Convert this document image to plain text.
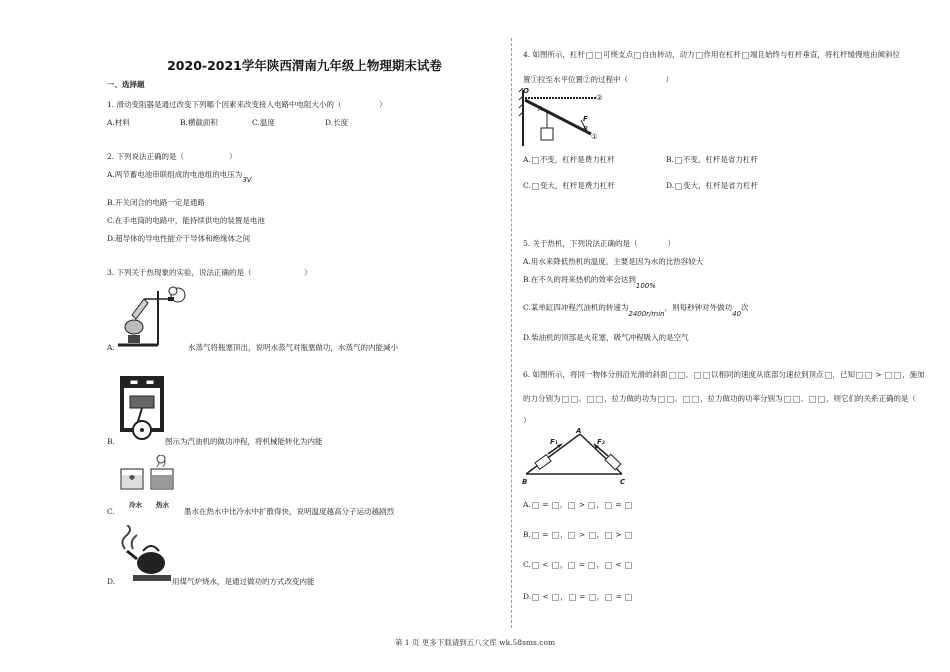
2020-2021学年陕西渭南九年级上物理期末试卷
一、选择题
1. 滑动变阻器是通过改变下列哪个因素来改变接入电路中电阻大小的（　　　　　）
A.材料	B.横截面积	C.温度	D.长度
2. 下列说法正确的是（　　　　　　）
A.两节蓄电池串联组成的电池组的电压为3V
B.开关闭合的电路一定是通路
C.在手电筒的电路中，能持续供电的装置是电池
D.超导体的导电性能介于导体和绝缘体之间
3. 下列关于热现象的实验，说法正确的是（　　　　　　　）
A.	水蒸气将瓶塞顶出，说明水蒸气对瓶塞做功，水蒸气的内能减小
B.	图示为汽油机的做功冲程，将机械能转化为内能
冷水 热水
C.	墨水在热水中比冷水中扩散得快，说明温度越高分子运动越剧烈
D.	用煤气炉烧水，是通过做功的方式改变内能
4. 如图所示，杠杆 可绕支点 自由转动，动力 作用在杠杆 端且始终与杠杆垂直，将杠杆缓慢地由倾斜位
置①拉至水平位置②的过程中（　　　　　）
O
A
F
B
①
②
A. 不变，杠杆是费力杠杆	B. 不变，杠杆是省力杠杆
C. 变大，杠杆是费力杠杆	D. 变大，杠杆是省力杠杆
5. 关于热机，下列说法正确的是（　　　　）
A.用水来降低热机的温度，主要是因为水的比热容较大
B.在不久的将来热机的效率会达到100%
C.某单缸四冲程汽油机的转速为2400r/min，则每秒钟对外做功40次
D.柴油机的顶部是火花塞，吸气冲程吸入的是空气
6. 如图所示，将同一物体分别沿光滑的斜面 、 以相同的速度从底部匀速拉到顶点 ，已知 > ，施加
的力分别为 、 ，拉力做的功为 、 ，拉力做功的功率分别为 、 ，则它们的关系正确的是（
）
A
B	C
F₁	F₂
A. = ， > ， =
B. = ， > ， >
C. < ， = ， <
D. < ， = ， =
第 1 页 更多下载请到五八文库 wk.58sms.com
